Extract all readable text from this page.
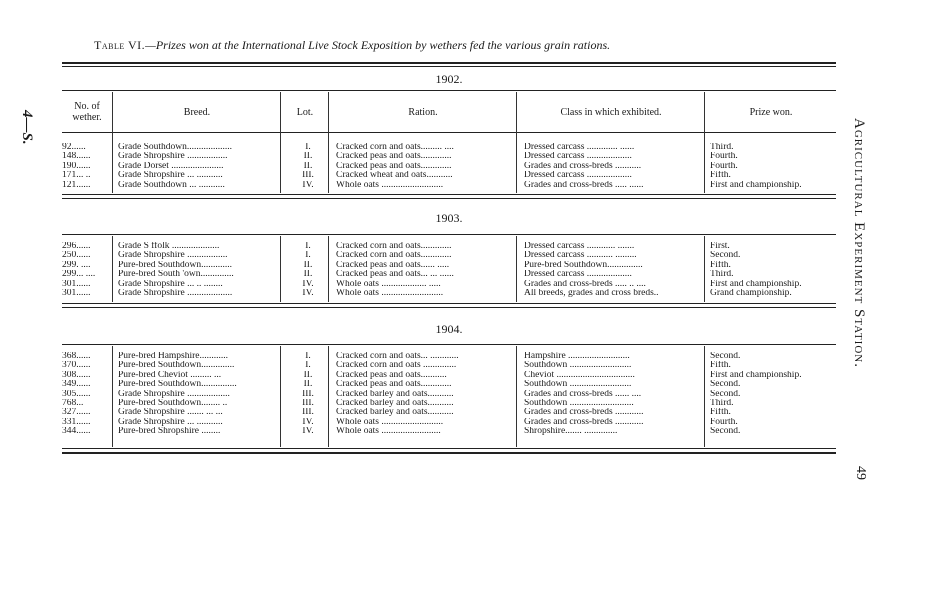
Table VI.—Prizes won at the International Live Stock Exposition by wethers fed the various grain rations.
4—S.	Agricultural Experiment Station.
49
1902.
No. of wether.	Breed.	Lot.	Ration.	Class in which exhibited.	Prize won.
92......	Grade Southdown...................	I.	Cracked corn and oats......... ....	Dressed carcass ............. ......	Third.
148......	Grade Shropshire .................	II.	Cracked peas and oats.............	Dressed carcass ...................	Fourth.
190......	Grade Dorset ......................	II.	Cracked peas and oats.............	Grades and cross-breds ...........	Fourth.
171... ..	Grade Shropshire ... ...........	III.	Cracked wheat and oats...........	Dressed carcass ...................	Fifth.
121......	Grade Southdown ... ...........	IV.	Whole oats ..........................	Grades and cross-breds ..... ......	First and championship.
1903.
296......	Grade S ffolk ....................	I.	Cracked corn and oats.............	Dressed carcass ............ .......	First.
250......	Grade Shropshire .................	I.	Cracked corn and oats.............	Dressed carcass ........... .........	Second.
299. ....	Pure-bred Southdown.............	II.	Cracked peas and oats...... .....	Pure-bred Southdown...............	Fifth.
299... ....	Pure-bred South 'own..............	II.	Cracked peas and oats... ... ......	Dressed carcass ...................	Third.
301......	Grade Shropshire ... .. ........	IV.	Whole oats ................... .....	Grades and cross-breds ..... .. ....	First and championship.
301......	Grade Shropshire ...................	IV.	Whole oats ..........................	All breeds, grades and cross breds..	Grand championship.
1904.
368......	Pure-bred Hampshire............	I.	Cracked corn and oats... ............	Hampshire ..........................	Second.
370......	Pure-bred Southdown..............	I.	Cracked corn and oats ..............	Southdown ..........................	Fifth.
308......	Pure-bred Cheviot ......... ...	II.	Cracked peas and oats...........	Cheviot .................................	First and championship.
349......	Pure-bred Southdown...............	II.	Cracked peas and oats.............	Southdown ..........................	Second.
305......	Grade Shropshire ..................	III.	Cracked barley and oats...........	Grades and cross-breds ...... ....	Second.
768...	Pure-bred Southdown........ ..	III.	Cracked barley and oats...........	Southdown ...........................	Third.
327......	Grade Shropshire ....... ... ...	III.	Cracked barley and oats...........	Grades and cross-breds ............	Fifth.
331......	Grade Shropshire ... ...........	IV.	Whole oats ..........................	Grades and cross-breds ............	Fourth.
344......	Pure-bred Shropshire ........	IV.	Whole oats .........................	Shropshire....... ..............	Second.
